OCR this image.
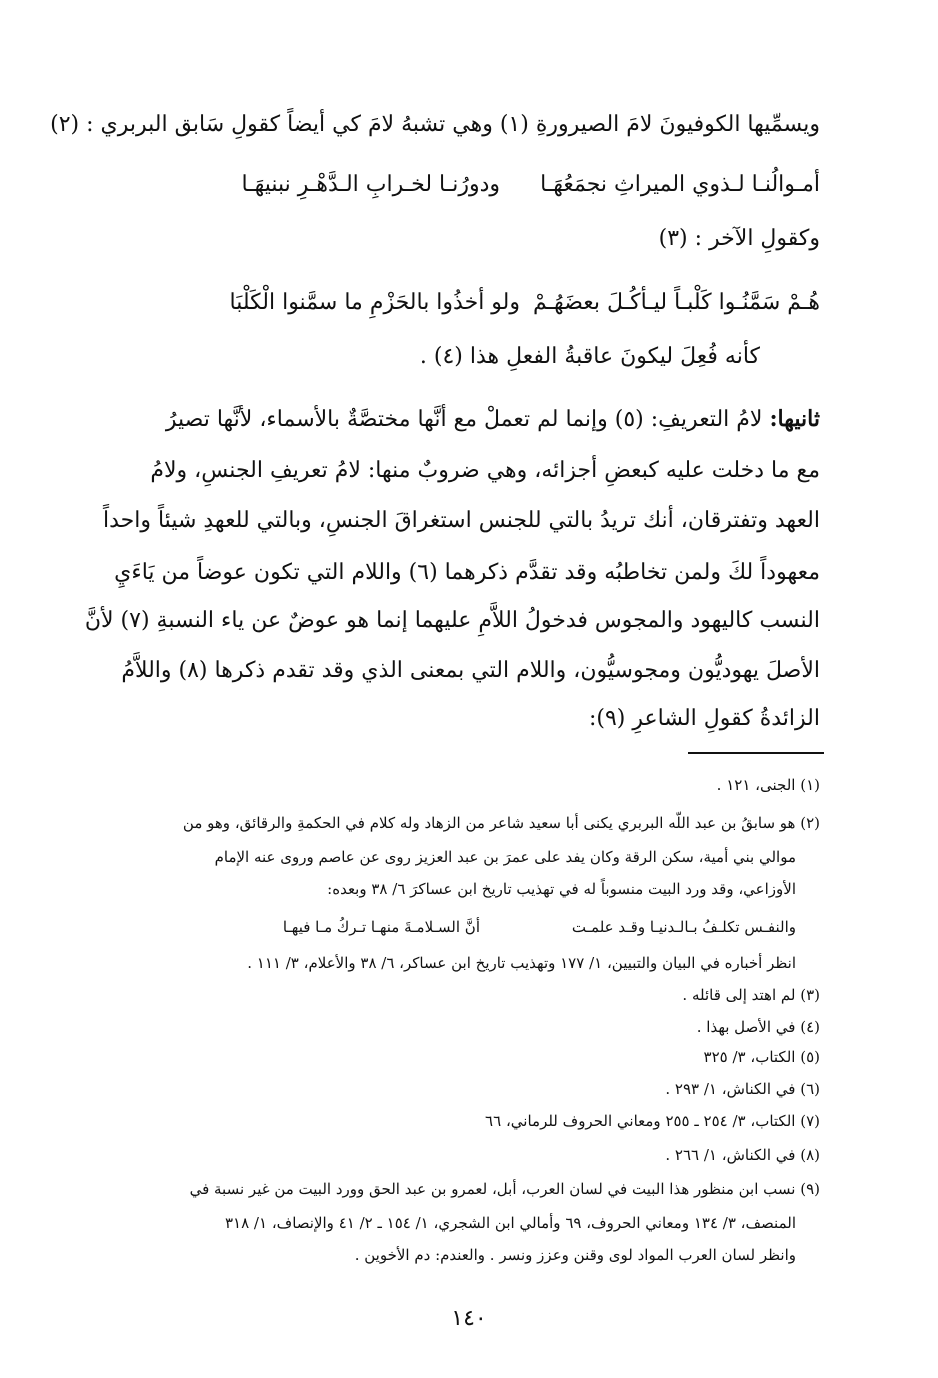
ويسمِّيها الكوفيونَ لامَ الصيرورةِ (١) وهي تشبهُ لامَ كي أيضاً كقولِ سَابق البربري : (٢)
أمـوالُنـا لـذوي الميراثِ نجمَعُهَـا
ودورُنـا لخـرابِ الـدَّهْـرِ نبنيهَـا
وكقولِ الآخر : (٣)
هُـمْ سَمَّنُـوا كَلْبـاً ليـأكُـلَ بعضَهُـمْ
ولو أخذُوا بالحَزْمِ ما سمَّنوا الْكَلْبَا
كأنه فُعِلَ ليكونَ عاقبةُ الفعلِ هذا (٤) .
ثانيها: لامُ التعريفِ: (٥) وإنما لم تعملْ مع أنَّها مختصَّةٌ بالأسماء، لأنَّها تصيرُ
مع ما دخلت عليه كبعضِ أجزائه، وهي ضروبٌ منها: لامُ تعريفِ الجنسِ، ولامُ
العهد وتفترقان، أنك تريدُ بالتي للجنس استغراقَ الجنسِ، وبالتي للعهدِ شيئاً واحداً
معهوداً لكَ ولمن تخاطبُه وقد تقدَّم ذكرهما (٦) واللام التي تكون عوضاً من يَاءَيِ
النسب كاليهود والمجوس فدخولُ اللاَّمِ عليهما إنما هو عوضٌ عن ياء النسبةِ (٧) لأنَّ
الأصلَ يهوديُّون ومجوسيُّون، واللام التي بمعنى الذي وقد تقدم ذكرها (٨) واللاَّمُ
الزائدةُ كقولِ الشاعرِ (٩):
(١) الجنى، ١٢١ .
(٢) هو سابقُ بن عبد اللّه البربري يكنى أبا سعيد شاعر من الزهاد وله كلام في الحكمةِ والرقائق، وهو من
موالي بني أمية، سكن الرقة وكان يفد على عمرَ بن عبد العزيز روى عن عاصم وروى عنه الإمام
الأوزاعي، وقد ورد البيت منسوباً له في تهذيب تاريخ ابن عساكرَ ٦/ ٣٨ وبعده:
والنفـس تكلـفُ بـالـدنيـا وقـد علمـت
أنَّ السـلامـةَ منهـا تـركُ مـا فيهـا
انظر أخباره في البيان والتبيين، ١/ ١٧٧ وتهذيب تاريخ ابن عساكر، ٦/ ٣٨ والأعلام، ٣/ ١١١ .
(٣) لم اهتد إلى قائله .
(٤) في الأصل بهذا .
(٥) الكتاب، ٣/ ٣٢٥
(٦) في الكناش، ١/ ٢٩٣ .
(٧) الكتاب، ٣/ ٢٥٤ ـ ٢٥٥ ومعاني الحروف للرماني، ٦٦
(٨) في الكناش، ١/ ٢٦٦ .
(٩) نسب ابن منظور هذا البيت في لسان العرب، أبل، لعمرو بن عبد الحق وورد البيت من غير نسبة في
المنصف، ٣/ ١٣٤ ومعاني الحروف، ٦٩ وأمالي ابن الشجري، ١/ ١٥٤ ـ ٢/ ٤١ والإنصاف، ١/ ٣١٨
وانظر لسان العرب المواد لوى وقنن وعزز ونسر . والعندم: دم الأخوين .
١٤٠
